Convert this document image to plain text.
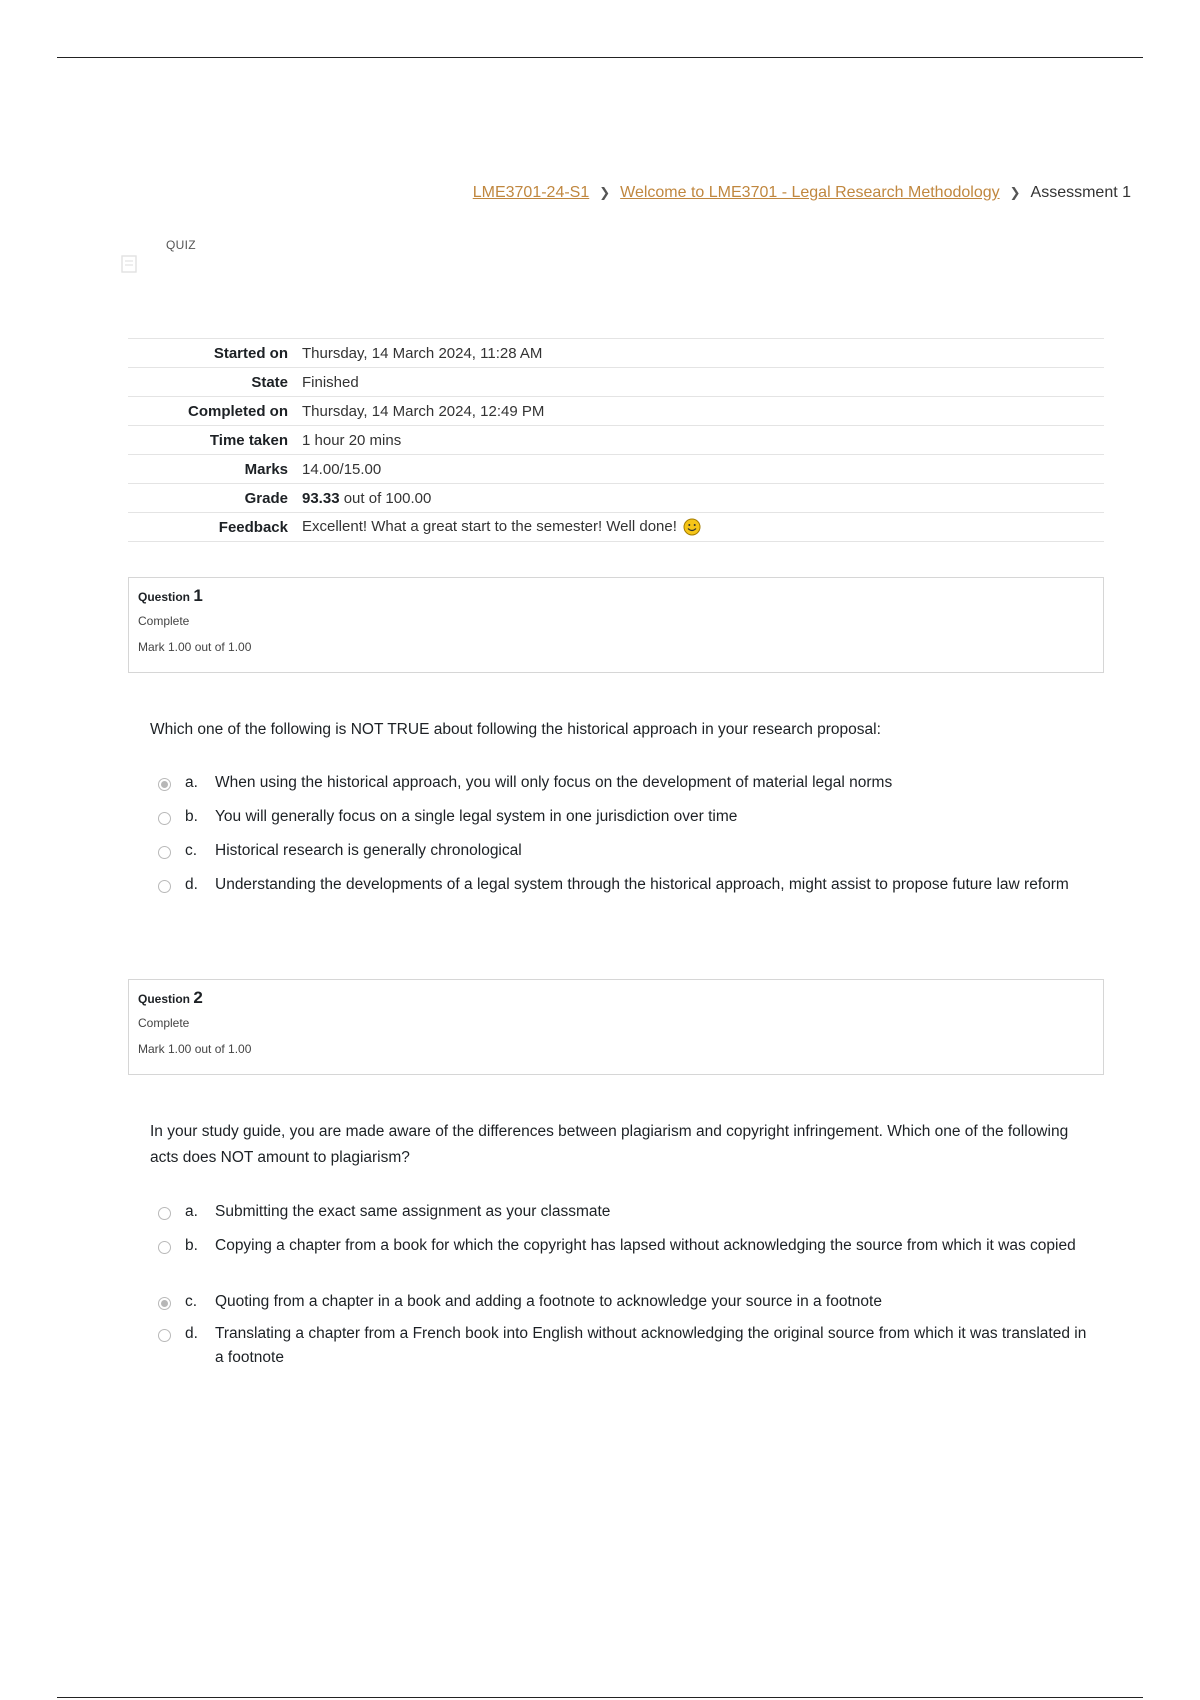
LME3701-24-S1 ❯ Welcome to LME3701 - Legal Research Methodology ❯ Assessment 1
QUIZ
Started on	Thursday, 14 March 2024, 11:28 AM
State	Finished
Completed on	Thursday, 14 March 2024, 12:49 PM
Time taken	1 hour 20 mins
Marks	14.00/15.00
Grade	93.33 out of 100.00
Feedback	Excellent! What a great start to the semester! Well done!
Question 1
Complete
Mark 1.00 out of 1.00
Which one of the following is NOT TRUE about following the historical approach in your research proposal:
a.	When using the historical approach, you will only focus on the development of material legal norms
b.	You will generally focus on a single legal system in one jurisdiction over time
c.	Historical research is generally chronological
d.	Understanding the developments of a legal system through the historical approach, might assist to propose future law reform
Question 2
Complete
Mark 1.00 out of 1.00
In your study guide, you are made aware of the differences between plagiarism and copyright infringement. Which one of the following acts does NOT amount to plagiarism?
a.	Submitting the exact same assignment as your classmate
b.	Copying a chapter from a book for which the copyright has lapsed without acknowledging the source from which it was copied
c.	Quoting from a chapter in a book and adding a footnote to acknowledge your source in a footnote
d.	Translating a chapter from a French book into English without acknowledging the original source from which it was translated in a footnote
